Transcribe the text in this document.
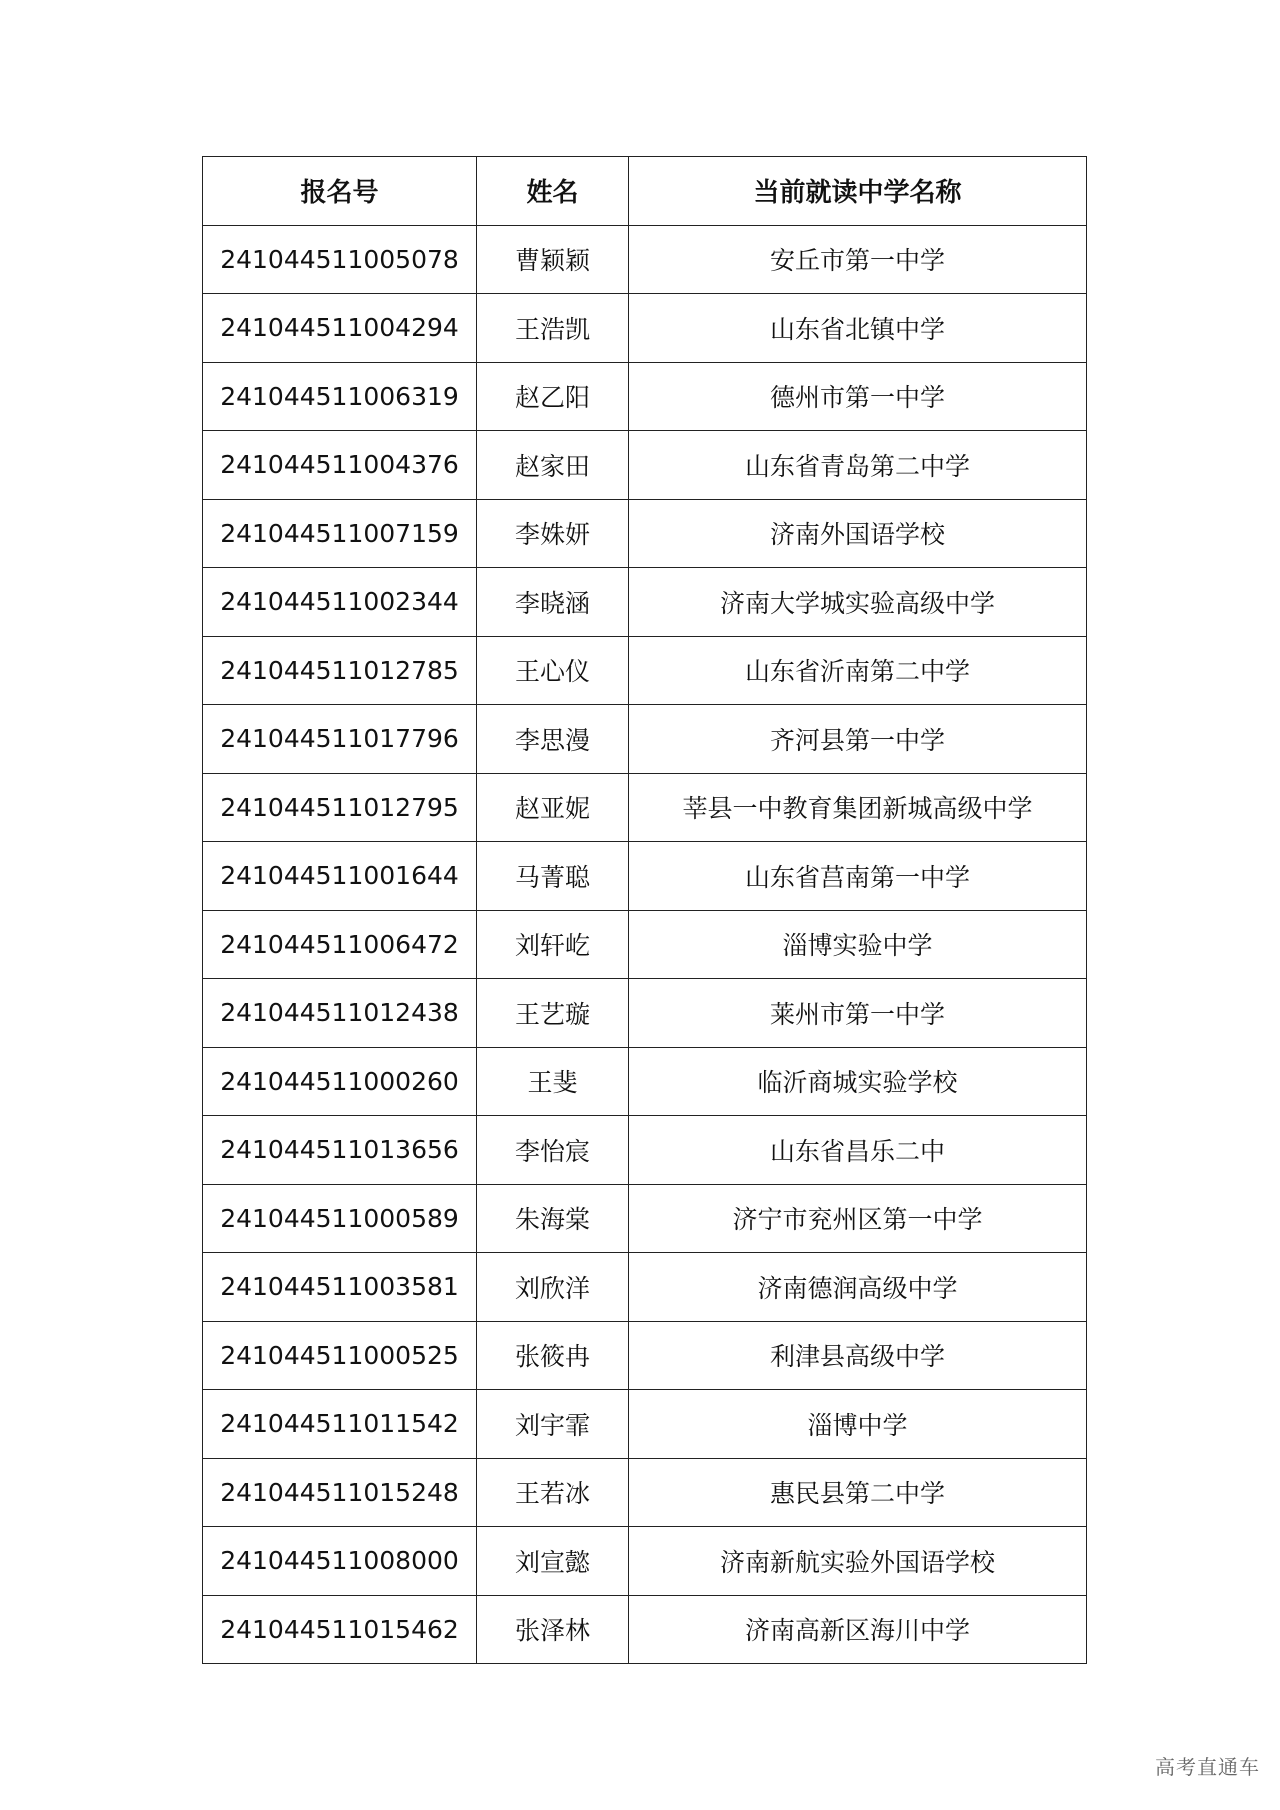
报名号	姓名	当前就读中学名称
241044511005078	曹颖颖	安丘市第一中学
241044511004294	王浩凯	山东省北镇中学
241044511006319	赵乙阳	德州市第一中学
241044511004376	赵家田	山东省青岛第二中学
241044511007159	李姝妍	济南外国语学校
241044511002344	李晓涵	济南大学城实验高级中学
241044511012785	王心仪	山东省沂南第二中学
241044511017796	李思漫	齐河县第一中学
241044511012795	赵亚妮	莘县一中教育集团新城高级中学
241044511001644	马菁聪	山东省莒南第一中学
241044511006472	刘轩屹	淄博实验中学
241044511012438	王艺璇	莱州市第一中学
241044511000260	王斐	临沂商城实验学校
241044511013656	李怡宸	山东省昌乐二中
241044511000589	朱海棠	济宁市兖州区第一中学
241044511003581	刘欣洋	济南德润高级中学
241044511000525	张筱冉	利津县高级中学
241044511011542	刘宇霏	淄博中学
241044511015248	王若冰	惠民县第二中学
241044511008000	刘宣懿	济南新航实验外国语学校
241044511015462	张泽林	济南高新区海川中学
高考直通车
